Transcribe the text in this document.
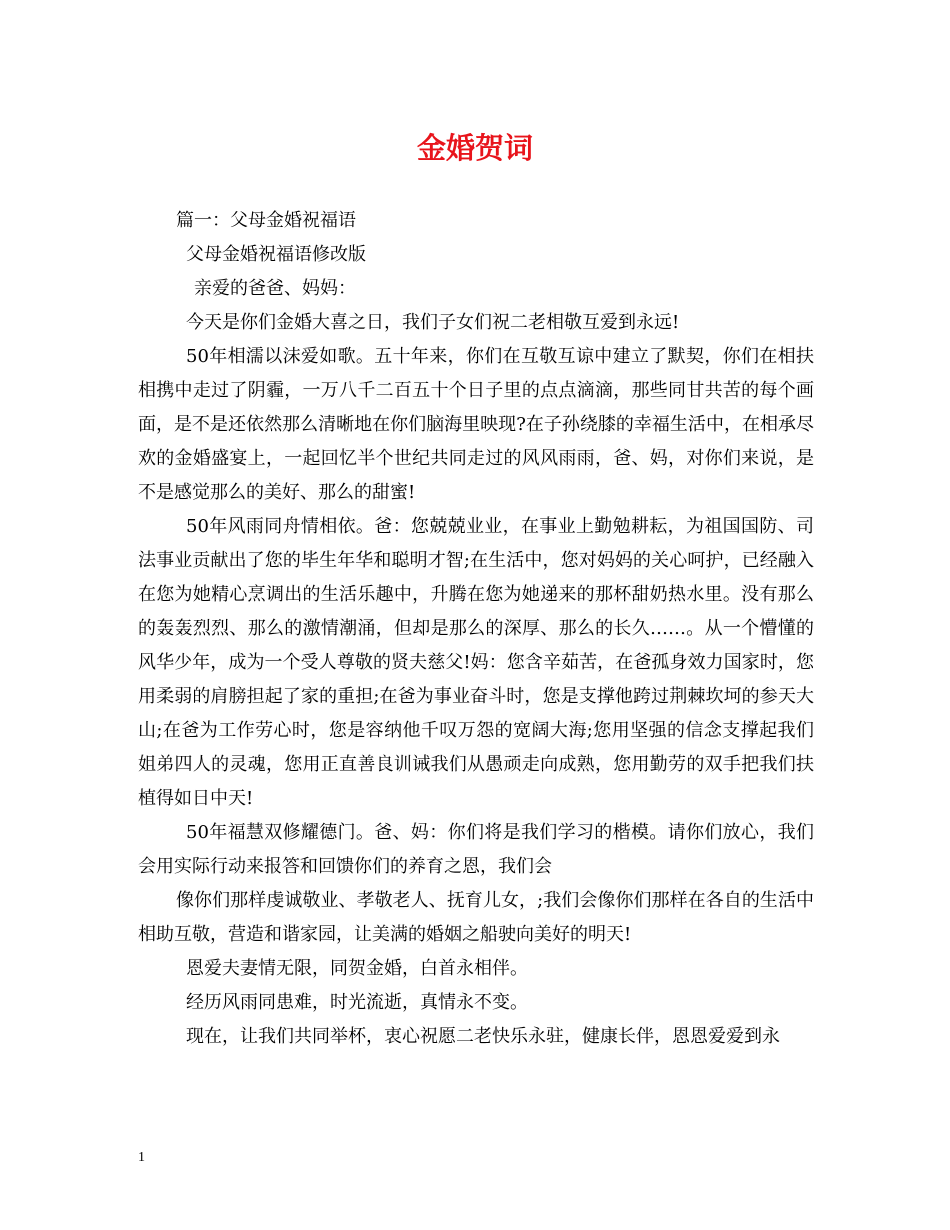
金婚贺词
篇一：父母金婚祝福语
父母金婚祝福语修改版
亲爱的爸爸、妈妈：

今天是你们金婚大喜之日，我们子女们祝二老相敬互爱到永远!

50年相濡以沫爱如歌。五十年来，你们在互敬互谅中建立了默契，你们在相扶相携中走过了阴霾，一万八千二百五十个日子里的点点滴滴，那些同甘共苦的每个画面，是不是还依然那么清晰地在你们脑海里映现?在子孙绕膝的幸福生活中，在相承尽欢的金婚盛宴上，一起回忆半个世纪共同走过的风风雨雨，爸、妈，对你们来说，是不是感觉那么的美好、那么的甜蜜!

50年风雨同舟情相依。爸：您兢兢业业，在事业上勤勉耕耘，为祖国国防、司法事业贡献出了您的毕生年华和聪明才智;在生活中，您对妈妈的关心呵护，已经融入在您为她精心烹调出的生活乐趣中，升腾在您为她递来的那杯甜奶热水里。没有那么的轰轰烈烈、那么的激情潮涌，但却是那么的深厚、那么的长久……。从一个懵懂的风华少年，成为一个受人尊敬的贤夫慈父!妈：您含辛茹苦，在爸孤身效力国家时，您用柔弱的肩膀担起了家的重担;在爸为事业奋斗时，您是支撑他跨过荆棘坎坷的参天大山;在爸为工作劳心时，您是容纳他千叹万怨的宽阔大海;您用坚强的信念支撑起我们姐弟四人的灵魂，您用正直善良训诫我们从愚顽走向成熟，您用勤劳的双手把我们扶植得如日中天!

50年福慧双修耀德门。爸、妈：你们将是我们学习的楷模。请你们放心，我们会用实际行动来报答和回馈你们的养育之恩，我们会

像你们那样虔诚敬业、孝敬老人、抚育儿女，;我们会像你们那样在各自的生活中相助互敬，营造和谐家园，让美满的婚姻之船驶向美好的明天!

恩爱夫妻情无限，同贺金婚，白首永相伴。

经历风雨同患难，时光流逝，真情永不变。

现在，让我们共同举杯，衷心祝愿二老快乐永驻，健康长伴，恩恩爱爱到永

1
